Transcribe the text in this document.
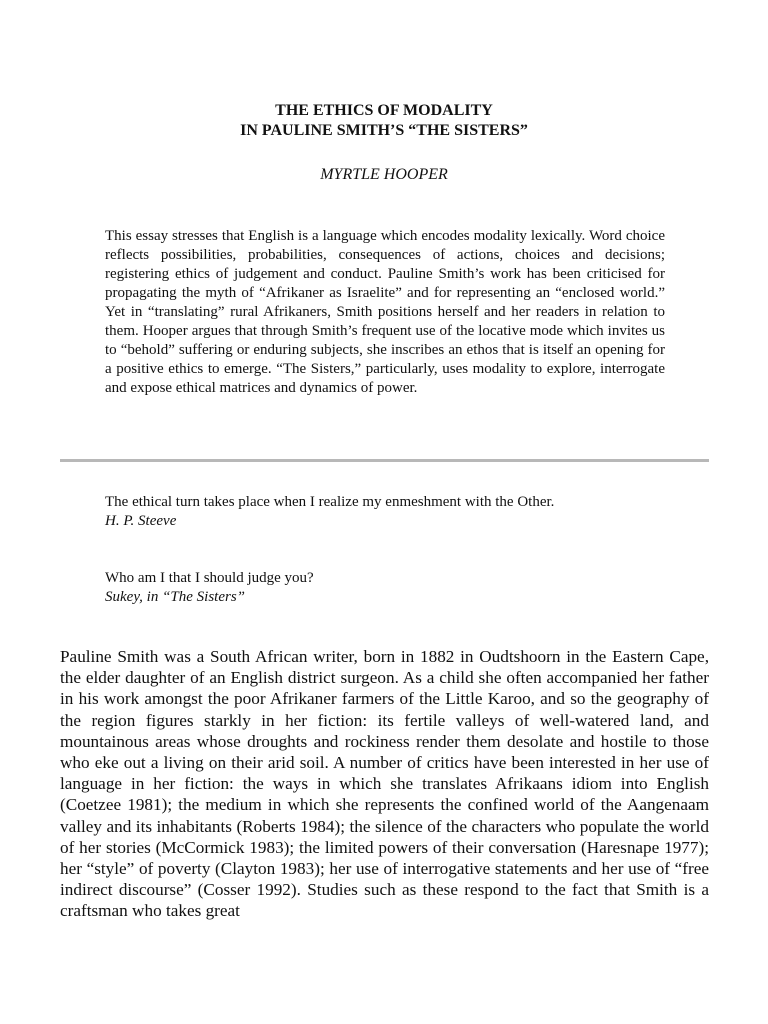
THE ETHICS OF MODALITY
IN PAULINE SMITH’S “THE SISTERS”
MYRTLE HOOPER
This essay stresses that English is a language which encodes modality lexically. Word choice reflects possibilities, probabilities, consequences of actions, choices and decisions; registering ethics of judgement and conduct. Pauline Smith’s work has been criticised for propagating the myth of “Afrikaner as Israelite” and for representing an “enclosed world.” Yet in “translating” rural Afrikaners, Smith positions herself and her readers in relation to them. Hooper argues that through Smith’s frequent use of the locative mode which invites us to “behold” suffering or enduring subjects, she inscribes an ethos that is itself an opening for a positive ethics to emerge. “The Sisters,” particularly, uses modality to explore, interrogate and expose ethical matrices and dynamics of power.
The ethical turn takes place when I realize my enmeshment with the Other.
H. P. Steeve
Who am I that I should judge you?
Sukey, in “The Sisters”
Pauline Smith was a South African writer, born in 1882 in Oudtshoorn in the Eastern Cape, the elder daughter of an English district surgeon. As a child she often accompanied her father in his work amongst the poor Afrikaner farmers of the Little Karoo, and so the geography of the region figures starkly in her fiction: its fertile valleys of well-watered land, and mountainous areas whose droughts and rockiness render them desolate and hostile to those who eke out a living on their arid soil. A number of critics have been interested in her use of language in her fiction: the ways in which she translates Afrikaans idiom into English (Coetzee 1981); the medium in which she represents the confined world of the Aangenaam valley and its inhabitants (Roberts 1984); the silence of the characters who populate the world of her stories (McCormick 1983); the limited powers of their conversation (Haresnape 1977); her “style” of poverty (Clayton 1983); her use of interrogative statements and her use of “free indirect discourse” (Cosser 1992). Studies such as these respond to the fact that Smith is a craftsman who takes great
